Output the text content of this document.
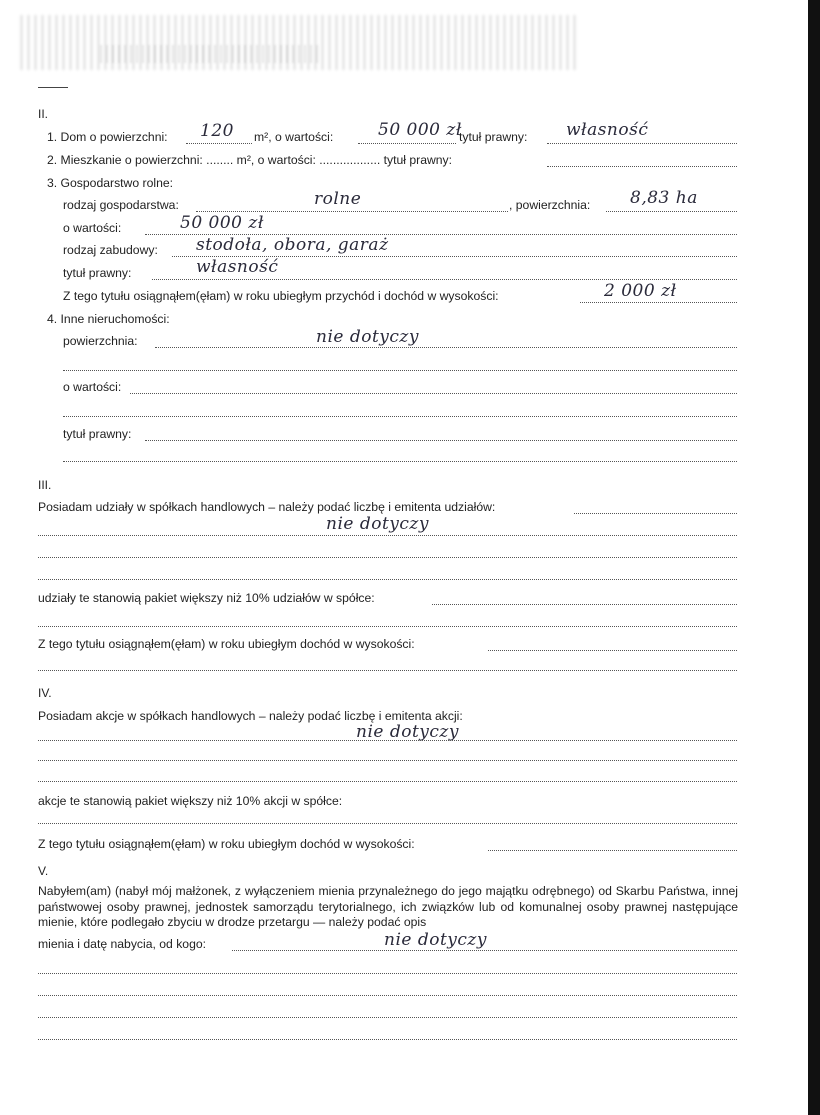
II.
1. Dom o powierzchni: 120 m², o wartości:	50 000 zł
tytuł prawny: własność
2. Mieszkanie o powierzchni: ........ m², o wartości: .................. tytuł prawny:
3. Gospodarstwo rolne:
rodzaj gospodarstwa:	rolne	, powierzchnia: 8,83 ha
o wartości:	50 000 zł
rodzaj zabudowy: stodoła, obora, garaż
tytuł prawny:	własność
Z tego tytułu osiągnąłem(ęłam) w roku ubiegłym przychód i dochód w wysokości:	2 000 zł
4. Inne nieruchomości:
powierzchnia:	nie dotyczy
o wartości:
tytuł prawny:
III.
Posiadam udziały w spółkach handlowych – należy podać liczbę i emitenta udziałów:
nie dotyczy
udziały te stanowią pakiet większy niż 10% udziałów w spółce:
Z tego tytułu osiągnąłem(ęłam) w roku ubiegłym dochód w wysokości:
IV.
Posiadam akcje w spółkach handlowych – należy podać liczbę i emitenta akcji:
nie dotyczy
akcje te stanowią pakiet większy niż 10% akcji w spółce:
Z tego tytułu osiągnąłem(ęłam) w roku ubiegłym dochód w wysokości:
V.
Nabyłem(am) (nabył mój małżonek, z wyłączeniem mienia przynależnego do jego majątku odrębnego) od Skarbu Państwa, innej państwowej osoby prawnej, jednostek samorządu terytorialnego, ich związków lub od komunalnej osoby prawnej następujące mienie, które podlegało zbyciu w drodze przetargu — należy podać opis
mienia i datę nabycia, od kogo:	nie dotyczy
